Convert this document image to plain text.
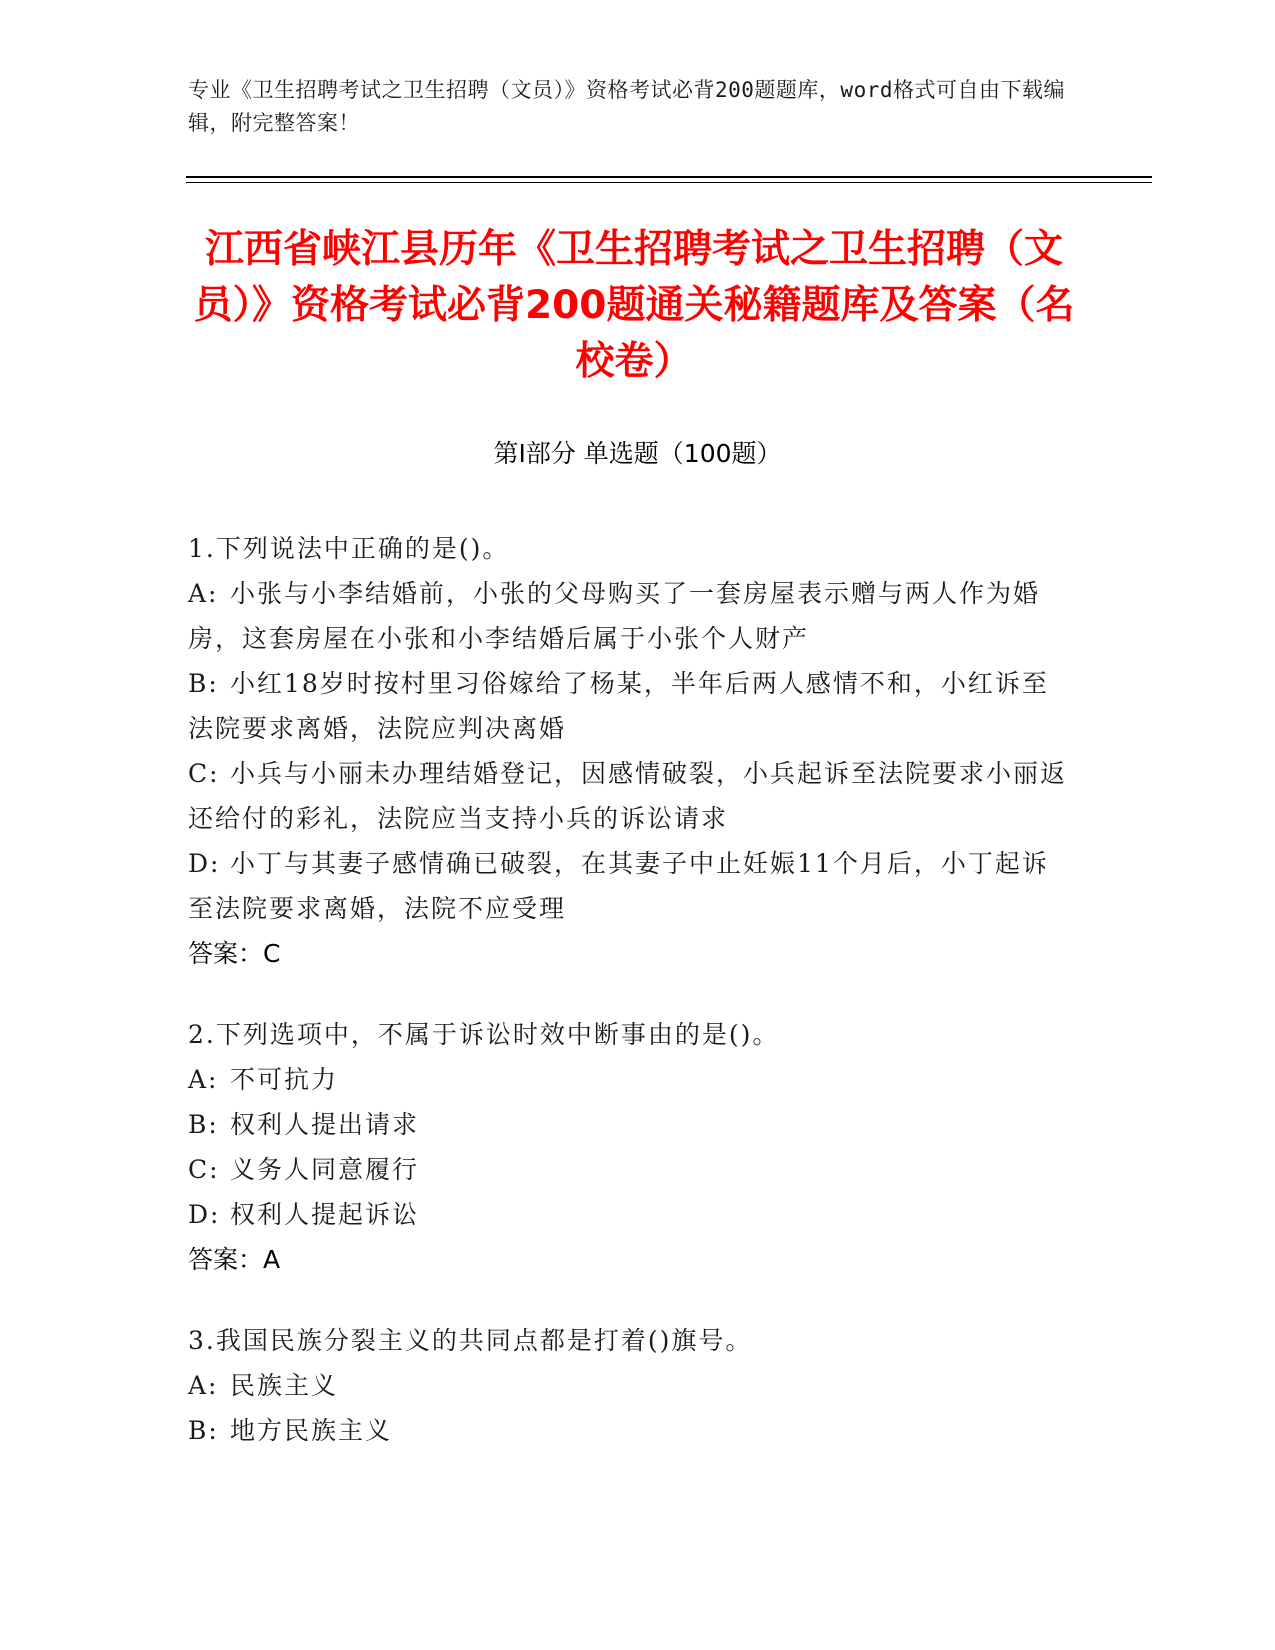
专业《卫生招聘考试之卫生招聘（文员）》资格考试必背200题题库，word格式可自由下载编辑，附完整答案！
江西省峡江县历年《卫生招聘考试之卫生招聘（文员）》资格考试必背200题通关秘籍题库及答案（名校卷）
第I部分 单选题（100题）
1.下列说法中正确的是()。
A: 小张与小李结婚前，小张的父母购买了一套房屋表示赠与两人作为婚房，这套房屋在小张和小李结婚后属于小张个人财产
B: 小红18岁时按村里习俗嫁给了杨某，半年后两人感情不和，小红诉至法院要求离婚，法院应判决离婚
C: 小兵与小丽未办理结婚登记，因感情破裂，小兵起诉至法院要求小丽返还给付的彩礼，法院应当支持小兵的诉讼请求
D: 小丁与其妻子感情确已破裂，在其妻子中止妊娠11个月后，小丁起诉至法院要求离婚，法院不应受理
答案：C
2.下列选项中，不属于诉讼时效中断事由的是()。
A: 不可抗力
B: 权利人提出请求
C: 义务人同意履行
D: 权利人提起诉讼
答案：A
3.我国民族分裂主义的共同点都是打着()旗号。
A: 民族主义
B: 地方民族主义
